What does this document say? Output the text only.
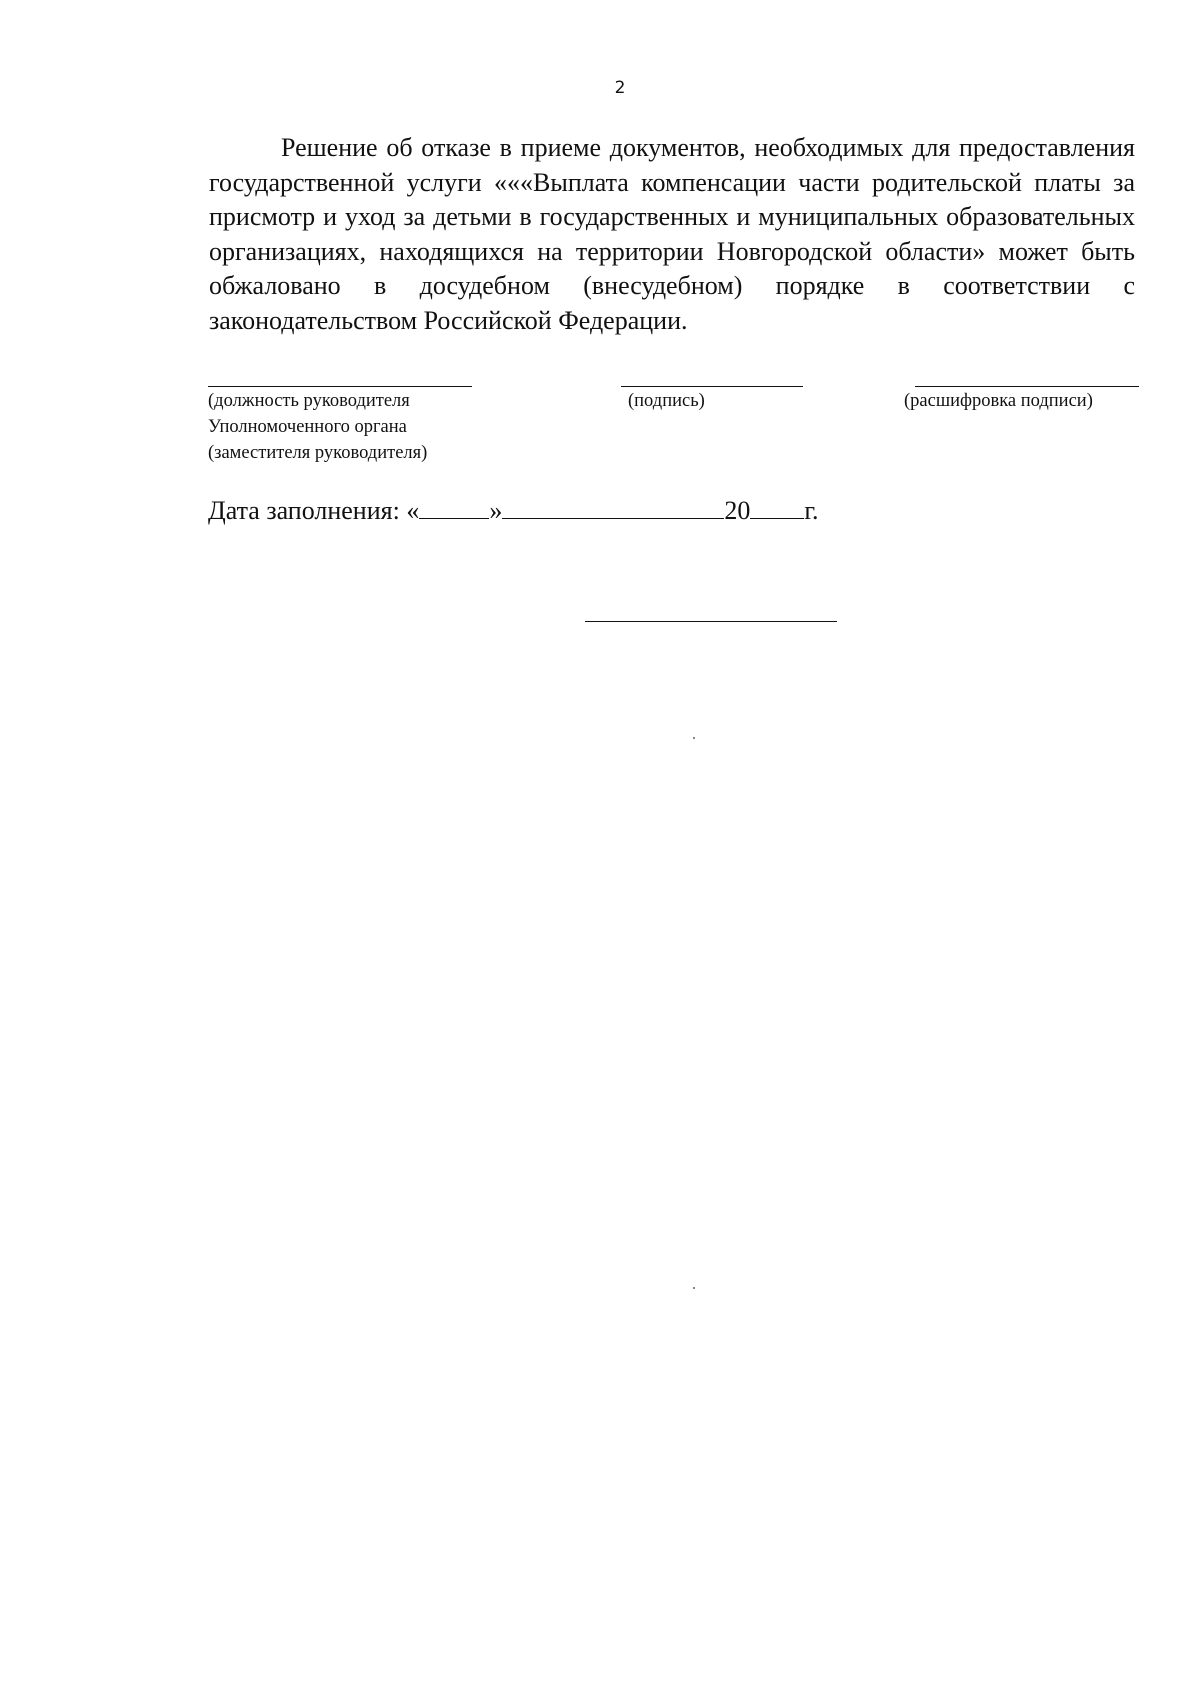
2

Решение об отказе в приеме документов, необходимых для предоставления государственной услуги «««Выплата компенсации части родительской платы за присмотр и уход за детьми в государственных и муниципальных образовательных организациях, находящихся на территории Новгородской области» может быть обжаловано в досудебном (внесудебном) порядке в соответствии с законодательством Российской Федерации.

(должность руководителя
Уполномоченного органа
(заместителя руководителя)
(подпись)	(расшифровка подписи)
Дата заполнения: «	»	20 г.
